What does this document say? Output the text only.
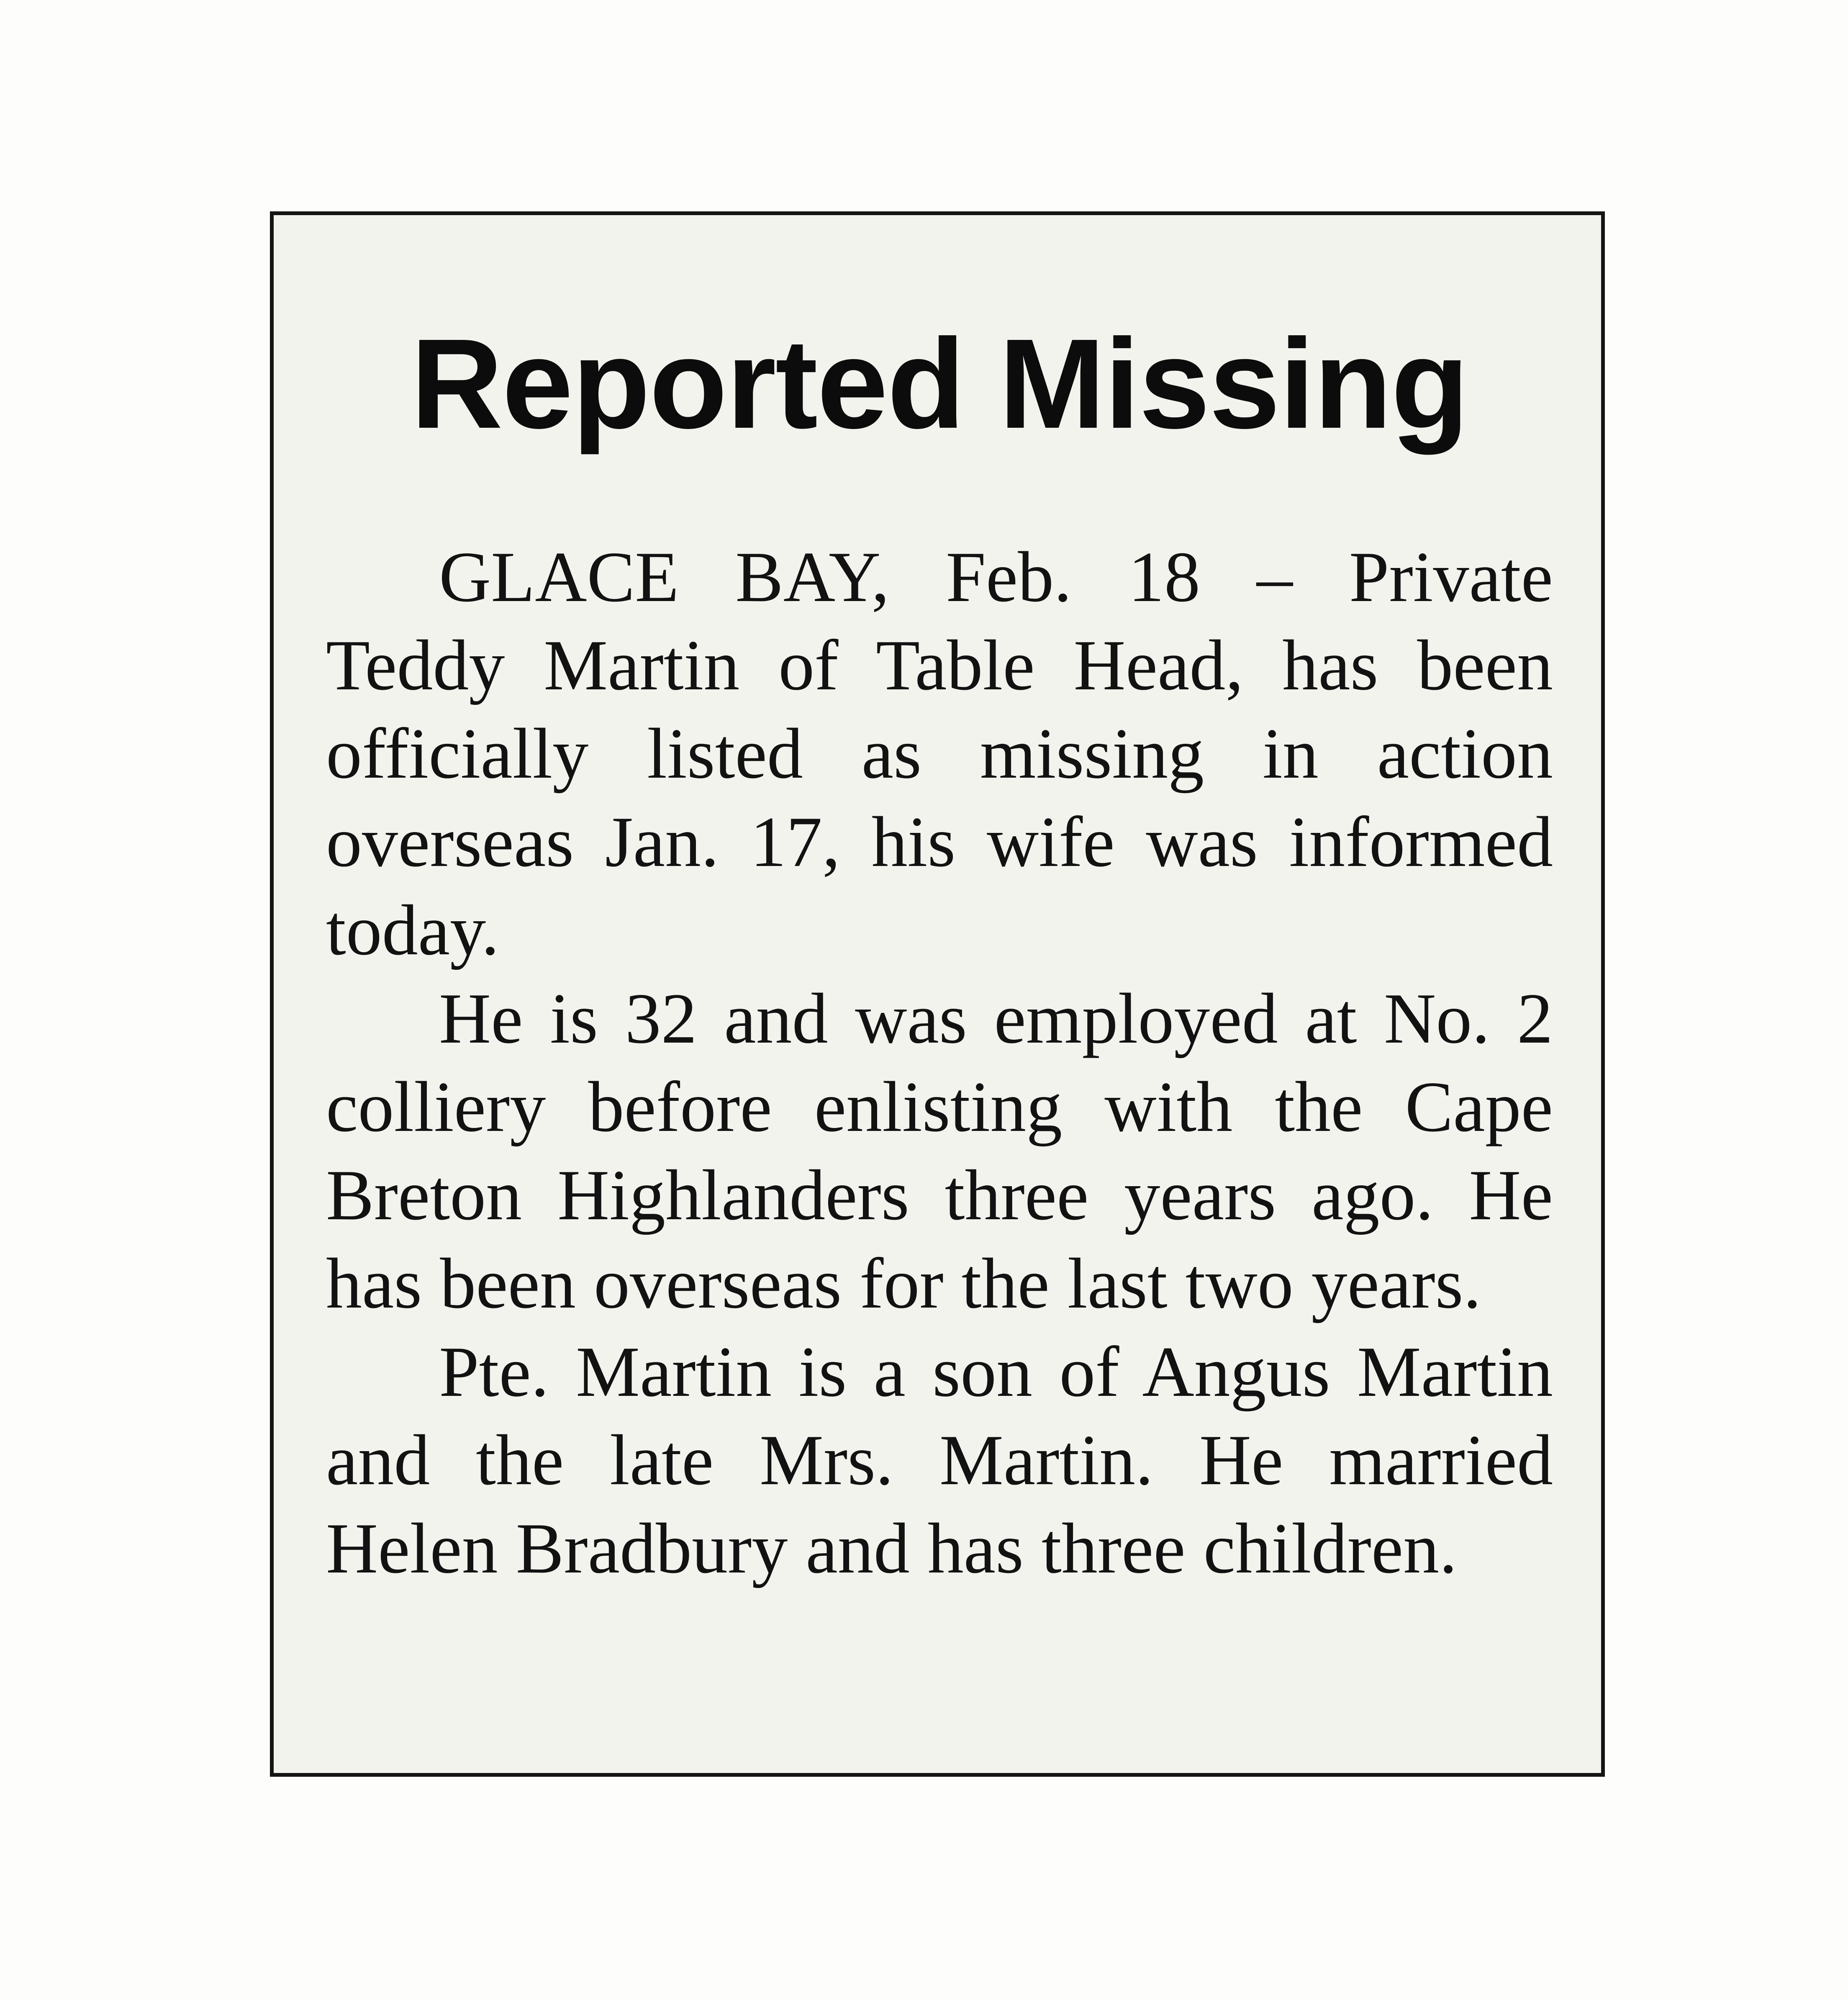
Reported Missing

GLACE BAY, Feb. 18 – Private Teddy Martin of Table Head, has been officially listed as missing in action overseas Jan. 17, his wife was informed today.

He is 32 and was employed at No. 2 colliery before enlisting with the Cape Breton Highlanders three years ago. He has been overseas for the last two years.

Pte. Martin is a son of Angus Martin and the late Mrs. Martin. He married Helen Bradbury and has three children.
